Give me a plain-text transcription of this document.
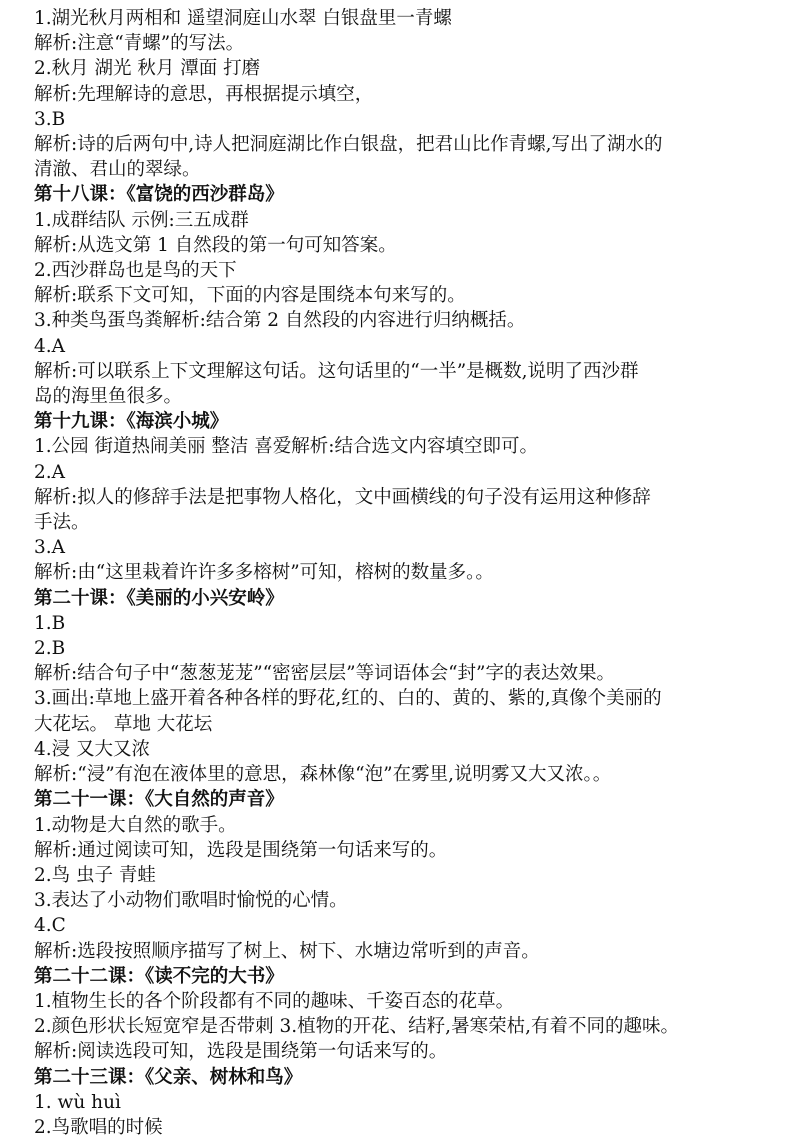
1.湖光秋月两相和 遥望洞庭山水翠 白银盘里一青螺
解析:注意“青螺”的写法。
2.秋月 湖光 秋月 潭面 打磨
解析:先理解诗的意思，再根据提示填空，
3.B
解析:诗的后两句中,诗人把洞庭湖比作白银盘，把君山比作青螺,写出了湖水的
清澈、君山的翠绿。
第十八课：《富饶的西沙群岛》
1.成群结队 示例:三五成群
解析:从选文第 1 自然段的第一句可知答案。
2.西沙群岛也是鸟的天下
解析:联系下文可知，下面的内容是围绕本句来写的。
3.种类鸟蛋鸟粪解析:结合第 2 自然段的内容进行归纳概括。
4.A
解析:可以联系上下文理解这句话。这句话里的“一半”是概数,说明了西沙群
岛的海里鱼很多。
第十九课：《海滨小城》
1.公园 街道热闹美丽 整洁 喜爱解析:结合选文内容填空即可。
2.A
解析:拟人的修辞手法是把事物人格化，文中画横线的句子没有运用这种修辞
手法。
3.A
解析:由“这里栽着许许多多榕树”可知，榕树的数量多。。
第二十课：《美丽的小兴安岭》
1.B
2.B
解析:结合句子中“葱葱茏茏”“密密层层”等词语体会“封”字的表达效果。
3.画出:草地上盛开着各种各样的野花,红的、白的、黄的、紫的,真像个美丽的
大花坛。 草地 大花坛
4.浸 又大又浓
解析:“浸”有泡在液体里的意思，森林像“泡”在雾里,说明雾又大又浓。。
第二十一课：《大自然的声音》
1.动物是大自然的歌手。
解析:通过阅读可知，选段是围绕第一句话来写的。
2.鸟 虫子 青蛙
3.表达了小动物们歌唱时愉悦的心情。
4.C
解析:选段按照顺序描写了树上、树下、水塘边常听到的声音。
第二十二课：《读不完的大书》
1.植物生长的各个阶段都有不同的趣味、千姿百态的花草。
2.颜色形状长短宽窄是否带刺 3.植物的开花、结籽,暑寒荣枯,有着不同的趣味。
解析:阅读选段可知，选段是围绕第一句话来写的。
第二十三课：《父亲、树林和鸟》
1. wù huì
2.鸟歌唱的时候
